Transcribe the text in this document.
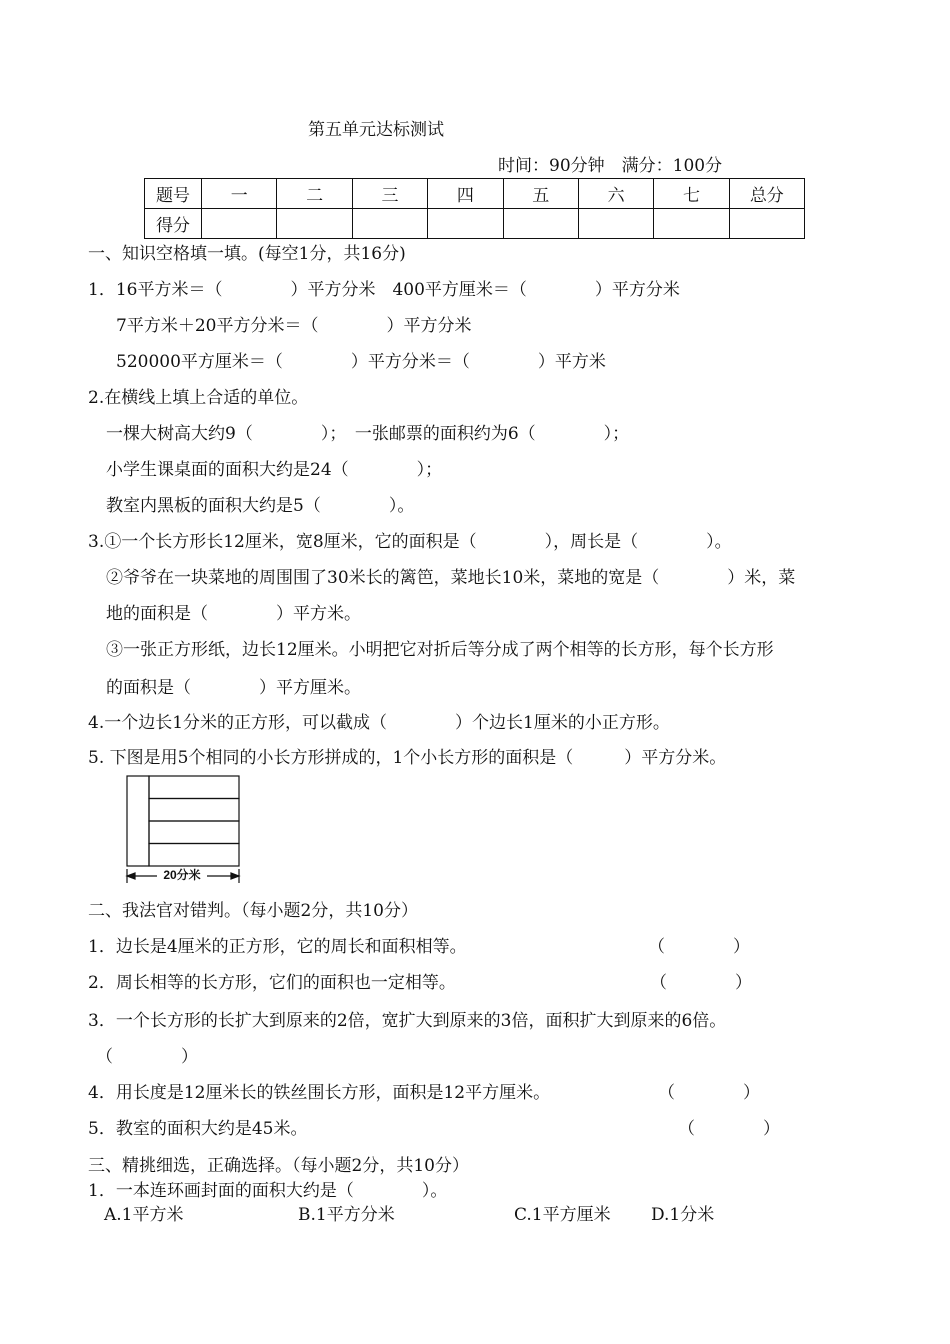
第五单元达标测试
时间：90分钟　满分：100分
题号	一	二	三	四	五	六	七	总分
得分								
一、知识空格填一填。(每空1分，共16分)
1．16平方米＝（　　　　）平方分米　400平方厘米＝（　　　　）平方分米
7平方米＋20平方分米＝（　　　　）平方分米
520000平方厘米＝（　　　　）平方分米＝（　　　　）平方米
2.在横线上填上合适的单位。
一棵大树高大约9（　　　　）；　一张邮票的面积约为6（　　　　）；
小学生课桌面的面积大约是24（　　　　）；
教室内黑板的面积大约是5（　　　　）。
3.①一个长方形长12厘米，宽8厘米，它的面积是（　　　　），周长是（　　　　）。
②爷爷在一块菜地的周围围了30米长的篱笆，菜地长10米，菜地的宽是（　　　　）米，菜
地的面积是（　　　　）平方米。
③一张正方形纸，边长12厘米。小明把它对折后等分成了两个相等的长方形，每个长方形
的面积是（　　　　）平方厘米。
4.一个边长1分米的正方形，可以截成（　　　　）个边长1厘米的小正方形。
5. 下图是用5个相同的小长方形拼成的，1个小长方形的面积是（　　　）平方分米。
20分米
二、我法官对错判。（每小题2分，共10分）
1．边长是4厘米的正方形，它的周长和面积相等。	（　　　　）
2．周长相等的长方形，它们的面积也一定相等。	（　　　　）
3．一个长方形的长扩大到原来的2倍，宽扩大到原来的3倍，面积扩大到原来的6倍。
（　　　　）
4．用长度是12厘米长的铁丝围长方形，面积是12平方厘米。	（　　　　）
5．教室的面积大约是45米。	（　　　　）
三、精挑细选，正确选择。（每小题2分，共10分）
1．一本连环画封面的面积大约是（　　　　）。
A.1平方米	B.1平方分米	C.1平方厘米 D.1分米
